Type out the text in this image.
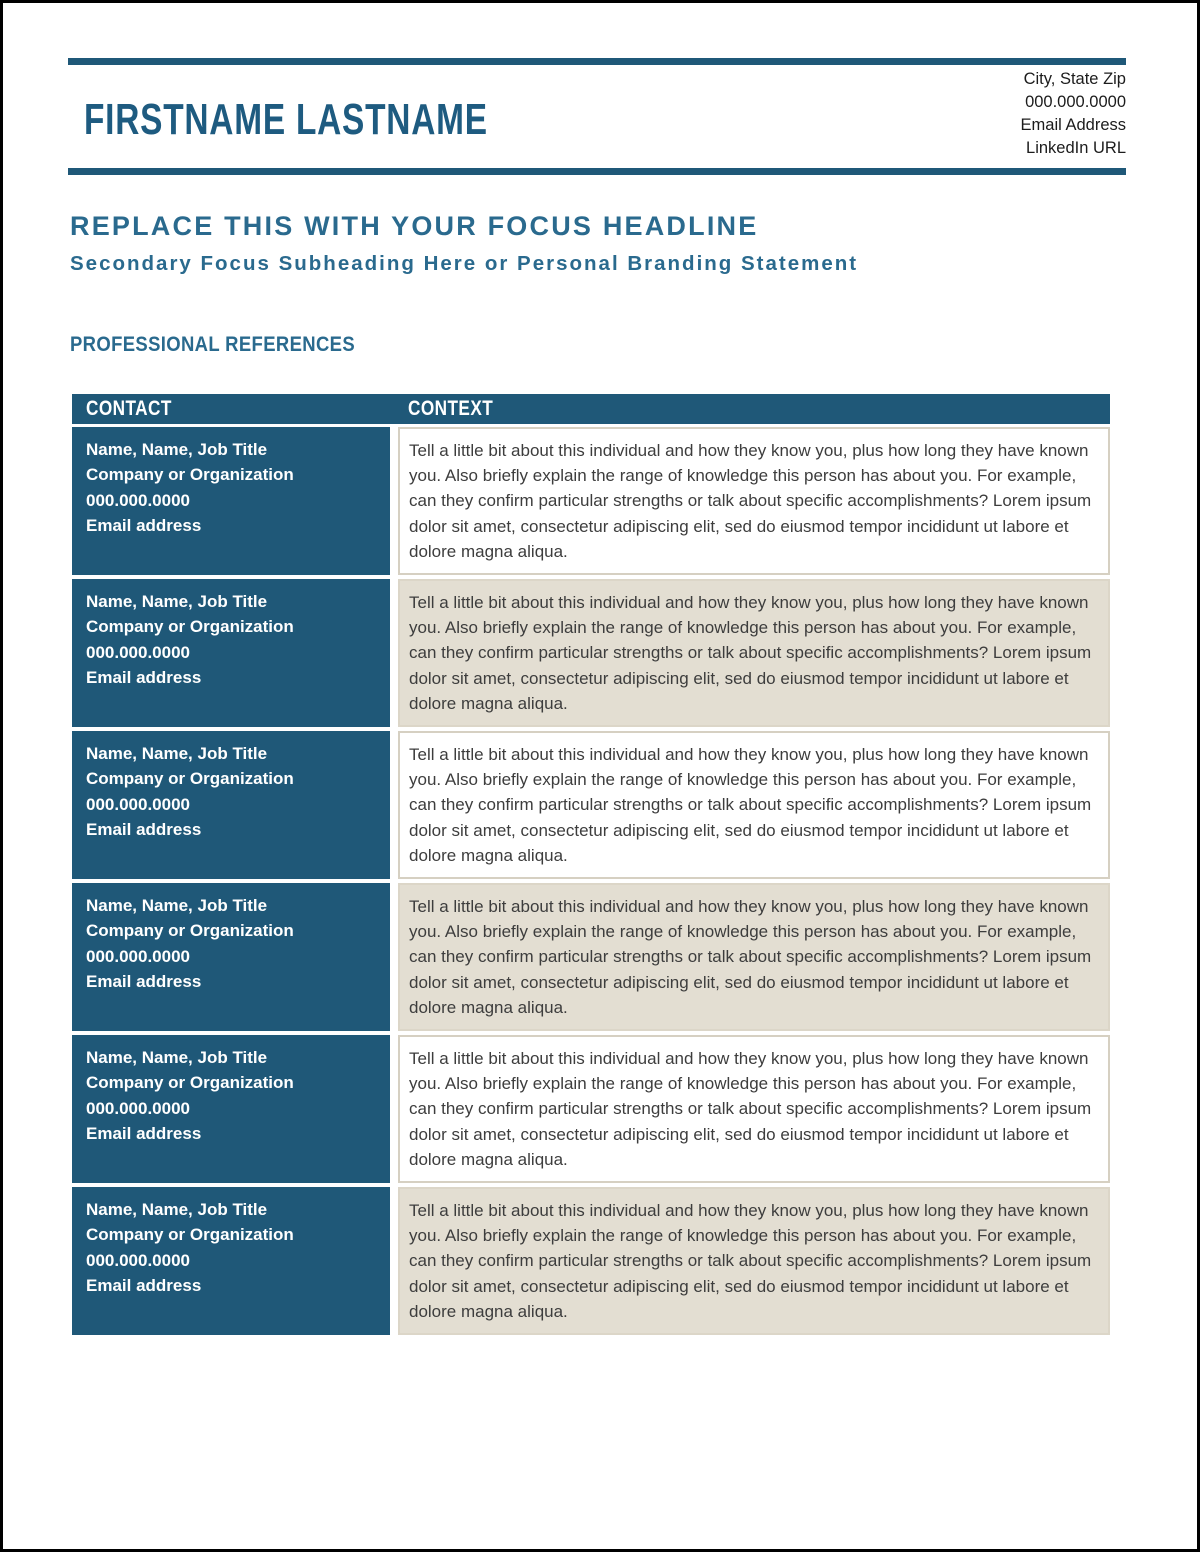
FIRSTNAME LASTNAME
City, State Zip
000.000.0000
Email Address
LinkedIn URL
REPLACE THIS WITH YOUR FOCUS HEADLINE
Secondary Focus Subheading Here or Personal Branding Statement
PROFESSIONAL REFERENCES
CONTACT	CONTEXT
Name, Name, Job Title
Company or Organization
000.000.0000
Email address

Tell a little bit about this individual and how they know you, plus how long they have known you. Also briefly explain the range of knowledge this person has about you. For example, can they confirm particular strengths or talk about specific accomplishments? Lorem ipsum dolor sit amet, consectetur adipiscing elit, sed do eiusmod tempor incididunt ut labore et dolore magna aliqua.

Name, Name, Job Title
Company or Organization
000.000.0000
Email address

Tell a little bit about this individual and how they know you, plus how long they have known you. Also briefly explain the range of knowledge this person has about you. For example, can they confirm particular strengths or talk about specific accomplishments? Lorem ipsum dolor sit amet, consectetur adipiscing elit, sed do eiusmod tempor incididunt ut labore et dolore magna aliqua.

Name, Name, Job Title
Company or Organization
000.000.0000
Email address

Tell a little bit about this individual and how they know you, plus how long they have known you. Also briefly explain the range of knowledge this person has about you. For example, can they confirm particular strengths or talk about specific accomplishments? Lorem ipsum dolor sit amet, consectetur adipiscing elit, sed do eiusmod tempor incididunt ut labore et dolore magna aliqua.

Name, Name, Job Title
Company or Organization
000.000.0000
Email address

Tell a little bit about this individual and how they know you, plus how long they have known you. Also briefly explain the range of knowledge this person has about you. For example, can they confirm particular strengths or talk about specific accomplishments? Lorem ipsum dolor sit amet, consectetur adipiscing elit, sed do eiusmod tempor incididunt ut labore et dolore magna aliqua.

Name, Name, Job Title
Company or Organization
000.000.0000
Email address

Tell a little bit about this individual and how they know you, plus how long they have known you. Also briefly explain the range of knowledge this person has about you. For example, can they confirm particular strengths or talk about specific accomplishments? Lorem ipsum dolor sit amet, consectetur adipiscing elit, sed do eiusmod tempor incididunt ut labore et dolore magna aliqua.

Name, Name, Job Title
Company or Organization
000.000.0000
Email address

Tell a little bit about this individual and how they know you, plus how long they have known you. Also briefly explain the range of knowledge this person has about you. For example, can they confirm particular strengths or talk about specific accomplishments? Lorem ipsum dolor sit amet, consectetur adipiscing elit, sed do eiusmod tempor incididunt ut labore et dolore magna aliqua.
